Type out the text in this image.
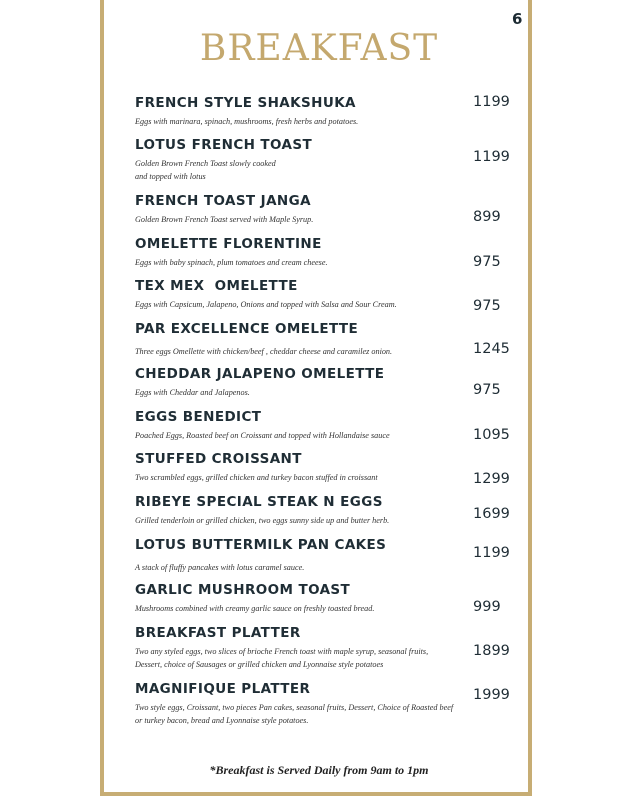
6
BREAKFAST
FRENCH STYLE SHAKSHUKA
Eggs with marinara, spinach, mushrooms, fresh herbs and potatoes.
1199
LOTUS FRENCH TOAST
Golden Brown French Toast slowly cooked
and topped with lotus
1199
FRENCH TOAST JANGA
Golden Brown French Toast served with Maple Syrup.	899
OMELETTE FLORENTINE
Eggs with baby spinach, plum tomatoes and cream cheese.	975
TEX MEX  OMELETTE
Eggs with Capsicum, Jalapeno, Onions and topped with Salsa and Sour Cream.	975
PAR EXCELLENCE OMELETTE
Three eggs Omellette with chicken/beef , cheddar cheese and caramilez onion.	1245
CHEDDAR JALAPENO OMELETTE
Eggs with Cheddar and Jalapenos.	975
EGGS BENEDICT
Poached Eggs, Roasted beef on Croissant and topped with Hollandaise sauce	1095
STUFFED CROISSANT
Two scrambled eggs, grilled chicken and turkey bacon stuffed in croissant	1299
RIBEYE SPECIAL STEAK N EGGS
Grilled tenderloin or grilled chicken, two eggs sunny side up and butter herb.	1699
LOTUS BUTTERMILK PAN CAKES
A stack of fluffy pancakes with lotus caramel sauce.
1199
GARLIC MUSHROOM TOAST
Mushrooms combined with creamy garlic sauce on freshly toasted bread.	999
BREAKFAST PLATTER
Two any styled eggs, two slices of brioche French toast with maple syrup, seasonal fruits,
Dessert, choice of Sausages or grilled chicken and Lyonnaise style potatoes
1899
MAGNIFIQUE PLATTER
Two style eggs, Croissant, two pieces Pan cakes, seasonal fruits, Dessert, Choice of Roasted beef
or turkey bacon, bread and Lyonnaise style potatoes.
1999
*Breakfast is Served Daily from 9am to 1pm
